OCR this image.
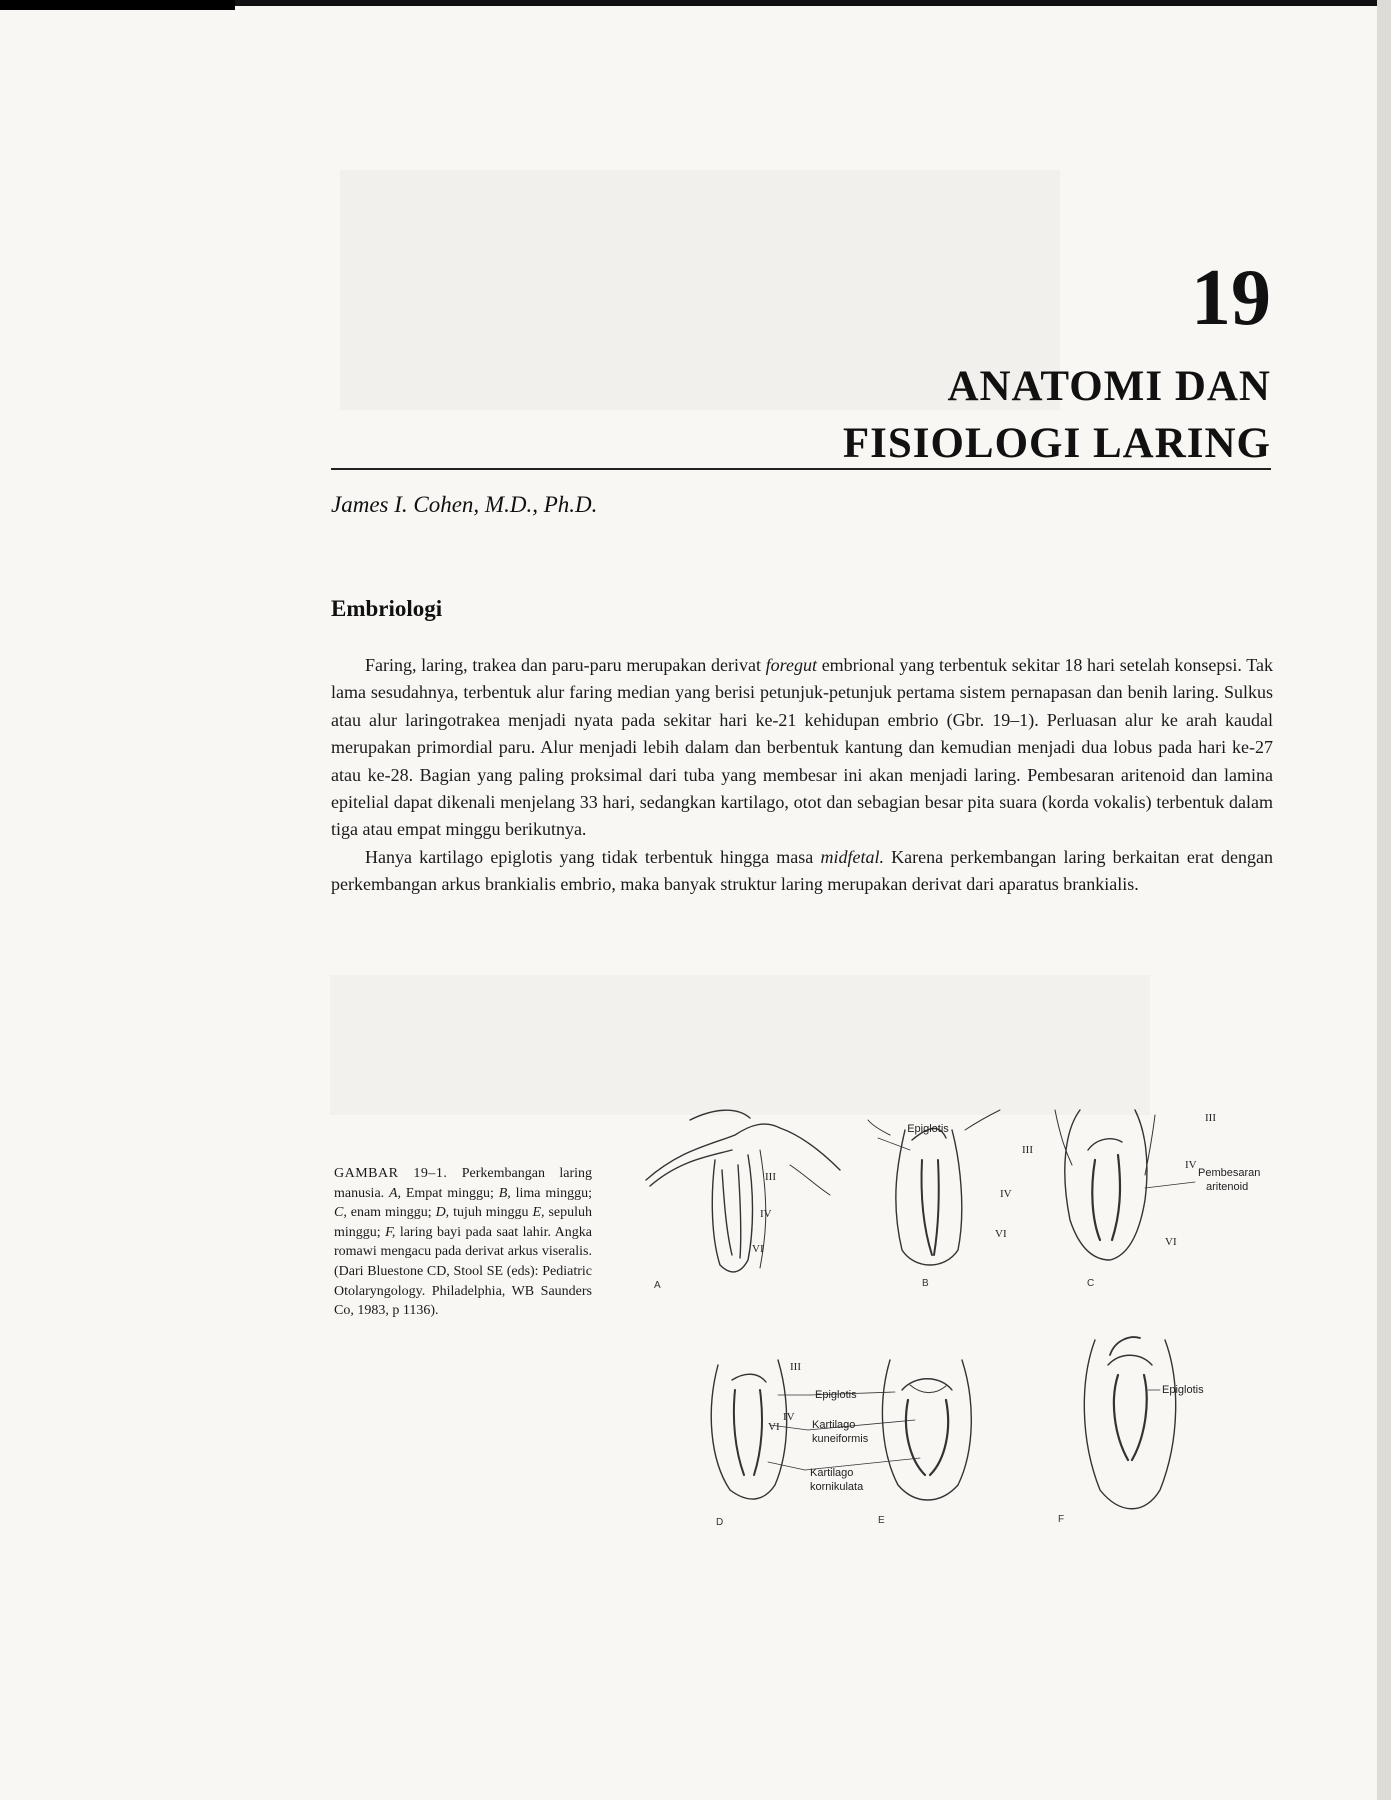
19
ANATOMI DAN
FISIOLOGI LARING
James I. Cohen, M.D., Ph.D.
Embriologi

Faring, laring, trakea dan paru-paru merupakan derivat foregut embrional yang terbentuk sekitar 18 hari setelah konsepsi. Tak lama sesudahnya, terbentuk alur faring median yang berisi petunjuk-petunjuk pertama sistem pernapasan dan benih laring. Sulkus atau alur laringotrakea menjadi nyata pada sekitar hari ke-21 kehidupan embrio (Gbr. 19–1). Perluasan alur ke arah kaudal merupakan primordial paru. Alur menjadi lebih dalam dan berbentuk kantung dan kemudian menjadi dua lobus pada hari ke-27 atau ke-28. Bagian yang paling proksimal dari tuba yang membesar ini akan menjadi laring. Pembesaran aritenoid dan lamina epitelial dapat dikenali menjelang 33 hari, sedangkan kartilago, otot dan sebagian besar pita suara (korda vokalis) terbentuk dalam tiga atau empat minggu berikutnya.

Hanya kartilago epiglotis yang tidak terbentuk hingga masa midfetal. Karena perkembangan laring berkaitan erat dengan perkembangan arkus brankialis embrio, maka banyak struktur laring merupakan derivat dari aparatus brankialis.

GAMBAR 19–1. Perkembangan laring manusia. A, Empat minggu; B, lima minggu; C, enam minggu; D, tujuh minggu E, sepuluh minggu; F, laring bayi pada saat lahir. Angka romawi mengacu pada derivat arkus viseralis. (Dari Bluestone CD, Stool SE (eds): Pediatric Otolaryngology. Philadelphia, WB Saunders Co, 1983, p 1136).
Epiglotis
Pembesaran
aritenoid
Epiglotis
Kartilago
kuneiformis
Kartilago
kornikulata
Epiglotis
III
IV
VI
III
IV
VI
III
IV
VI
III
IV
VI
A	B	C
D	E	F
